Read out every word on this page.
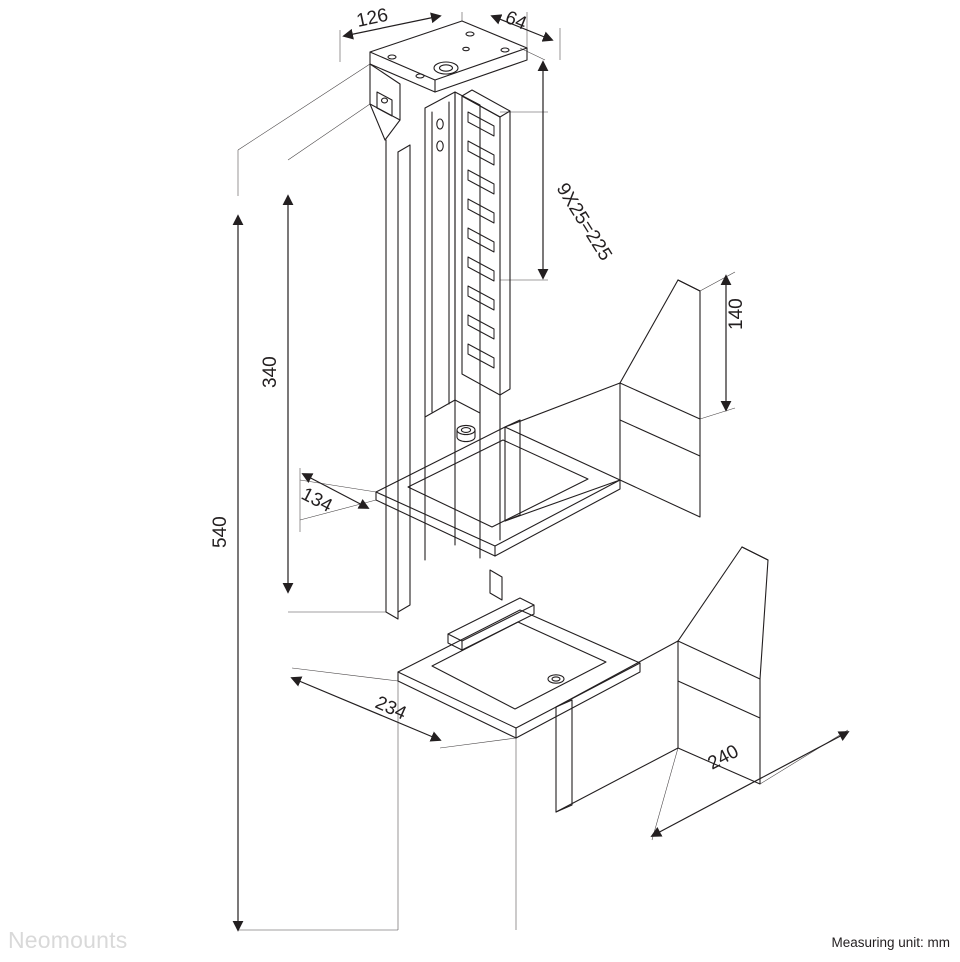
126	64
9X25=225
340
540
140
134
234
240
Neomounts	Measuring unit: mm
